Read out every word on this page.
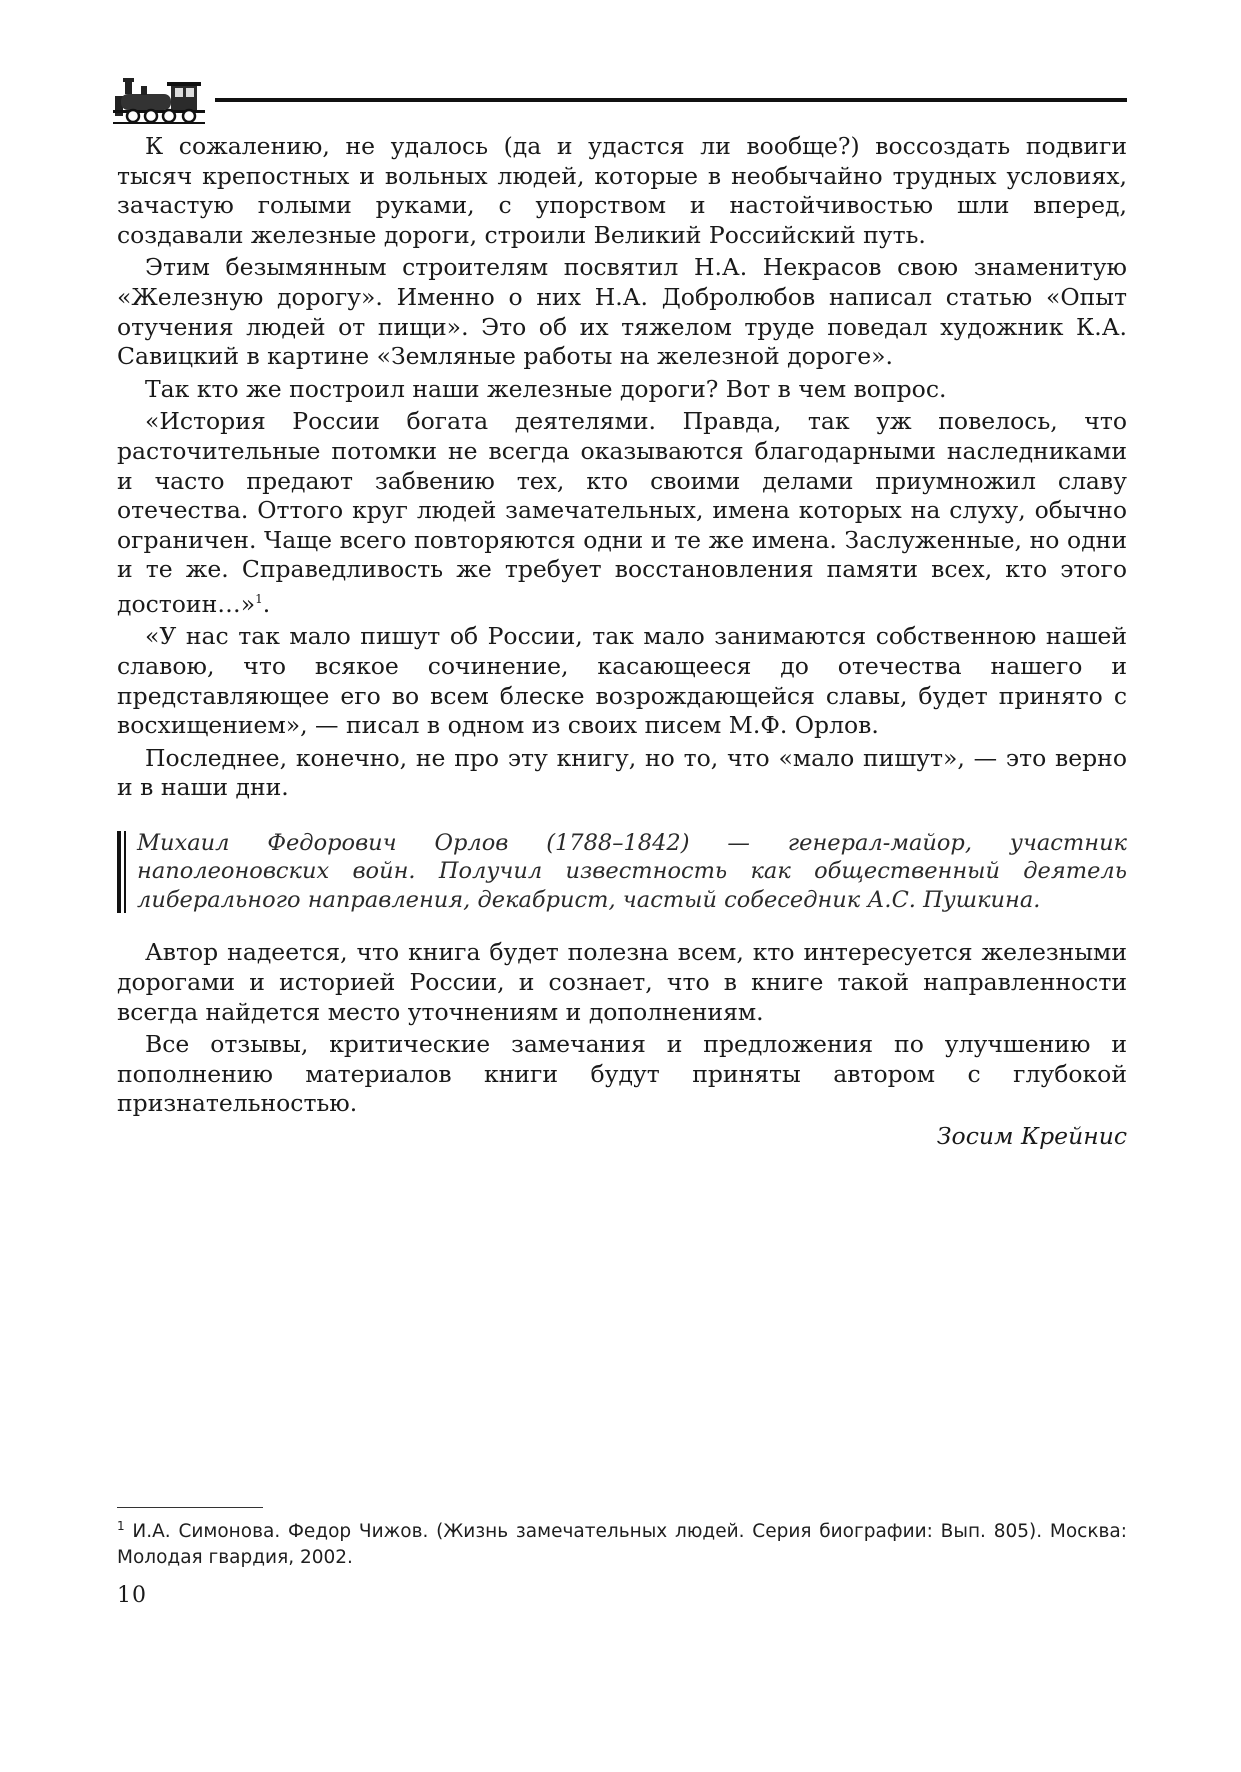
К сожалению, не удалось (да и удастся ли вообще?) воссоздать подвиги тысяч крепостных и вольных людей, которые в необычайно трудных условиях, зачастую голыми руками, с упорством и настойчивостью шли вперед, создавали железные дороги, строили Великий Российский путь.

Этим безымянным строителям посвятил Н.А. Некрасов свою знаменитую «Железную дорогу». Именно о них Н.А. Добролюбов написал статью «Опыт отучения людей от пищи». Это об их тяжелом труде поведал художник К.А. Савицкий в картине «Земляные работы на железной дороге».

Так кто же построил наши железные дороги? Вот в чем вопрос.

«История России богата деятелями. Правда, так уж повелось, что расточительные потомки не всегда оказываются благодарными наследниками и часто предают забвению тех, кто своими делами приумножил славу отечества. Оттого круг людей замечательных, имена которых на слуху, обычно ограничен. Чаще всего повторяются одни и те же имена. Заслуженные, но одни и те же. Справедливость же требует восстановления памяти всех, кто этого достоин…»$^1$.

«У нас так мало пишут об России, так мало занимаются собственною нашей славою, что всякое сочинение, касающееся до отечества нашего и представляющее его во всем блеске возрождающейся славы, будет принято с восхищением», — писал в одном из своих писем М.Ф. Орлов.

Последнее, конечно, не про эту книгу, но то, что «мало пишут», — это верно и в наши дни.

Михаил Федорович Орлов (1788–1842) — генерал-майор, участник наполеоновских войн. Получил известность как общественный деятель либерального направления, декабрист, частый собеседник А.С. Пушкина.

Автор надеется, что книга будет полезна всем, кто интересуется железными дорогами и историей России, и сознает, что в книге такой направленности всегда найдется место уточнениям и дополнениям.

Все отзывы, критические замечания и предложения по улучшению и пополнению материалов книги будут приняты автором с глубокой признательностью.

Зосим Крейнис

$^1$ И.А. Симонова. Федор Чижов. (Жизнь замечательных людей. Серия биографии: Вып. 805). Москва: Молодая гвардия, 2002.
10
